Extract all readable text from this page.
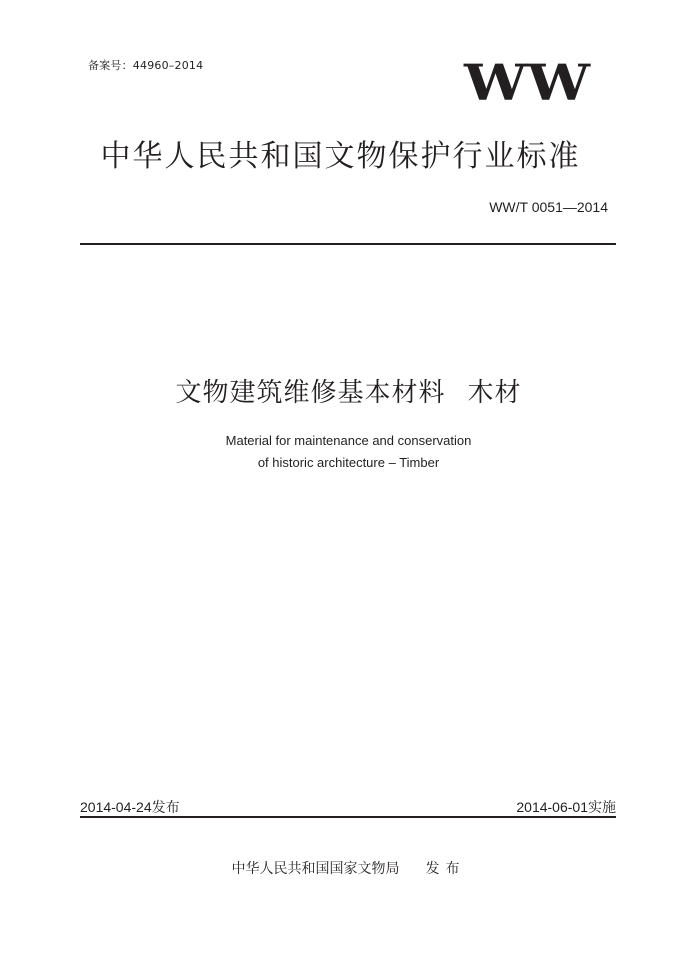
备案号：44960–2014	WW
中华人民共和国文物保护行业标准
WW/T 0051—2014
文物建筑维修基本材料 木材
Material for maintenance and conservation
of historic architecture – Timber
2014-04-24发布	2014-06-01实施
中华人民共和国国家文物局 发布
